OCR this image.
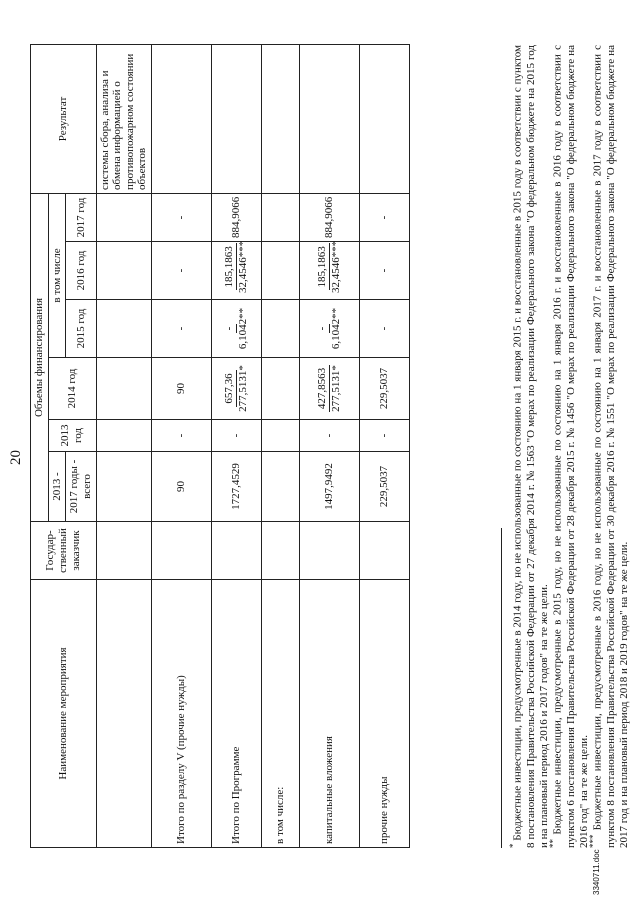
20
Наименование мероприятия	Государ-ственный заказчик	Объемы финансирования						Результат
		2013 -	2013 год	2014 год	в том числе			
		2017 годы - всего			2015 год	2016 год	2017 год	
								системы сбора, анализа и обмена информацией о противопожарном состоянии объектов
Итого по разделу V (прочие нужды)		90	-	90	-	-	-	
Итого по Программе		1727,4529	-	657,36 277,5131*	- 6,1042**	185,1863 32,4546***	884,9066	
в том числе:								
капитальные вложения		1497,9492	-	427,8563 277,5131*	- 6,1042**	185,1863 32,4546***	884,9066	
прочие нужды		229,5037	-	229,5037	-	-	-	
* Бюджетные инвестиции, предусмотренные в 2014 году, но не использованные по состоянию на 1 января 2015 г. и восстановленные в 2015 году в соответствии с пунктом 8 постановления Правительства Российской Федерации от 27 декабря 2014 г. № 1563 "О мерах по реализации Федерального закона "О федеральном бюджете на 2015 год и на плановый период 2016 и 2017 годов" на те же цели.
** Бюджетные инвестиции, предусмотренные в 2015 году, но не использованные по состоянию на 1 января 2016 г. и восстановленные в 2016 году в соответствии с пунктом 6 постановления Правительства Российской Федерации от 28 декабря 2015 г. № 1456 "О мерах по реализации Федерального закона "О федеральном бюджете на 2016 год" на те же цели.
*** Бюджетные инвестиции, предусмотренные в 2016 году, но не использованные по состоянию на 1 января 2017 г. и восстановленные в 2017 году в соответствии с пунктом 8 постановления Правительства Российской Федерации от 30 декабря 2016 г. № 1551 "О мерах по реализации Федерального закона "О федеральном бюджете на 2017 год и на плановый период 2018 и 2019 годов" на те же цели.
3340711.doc
